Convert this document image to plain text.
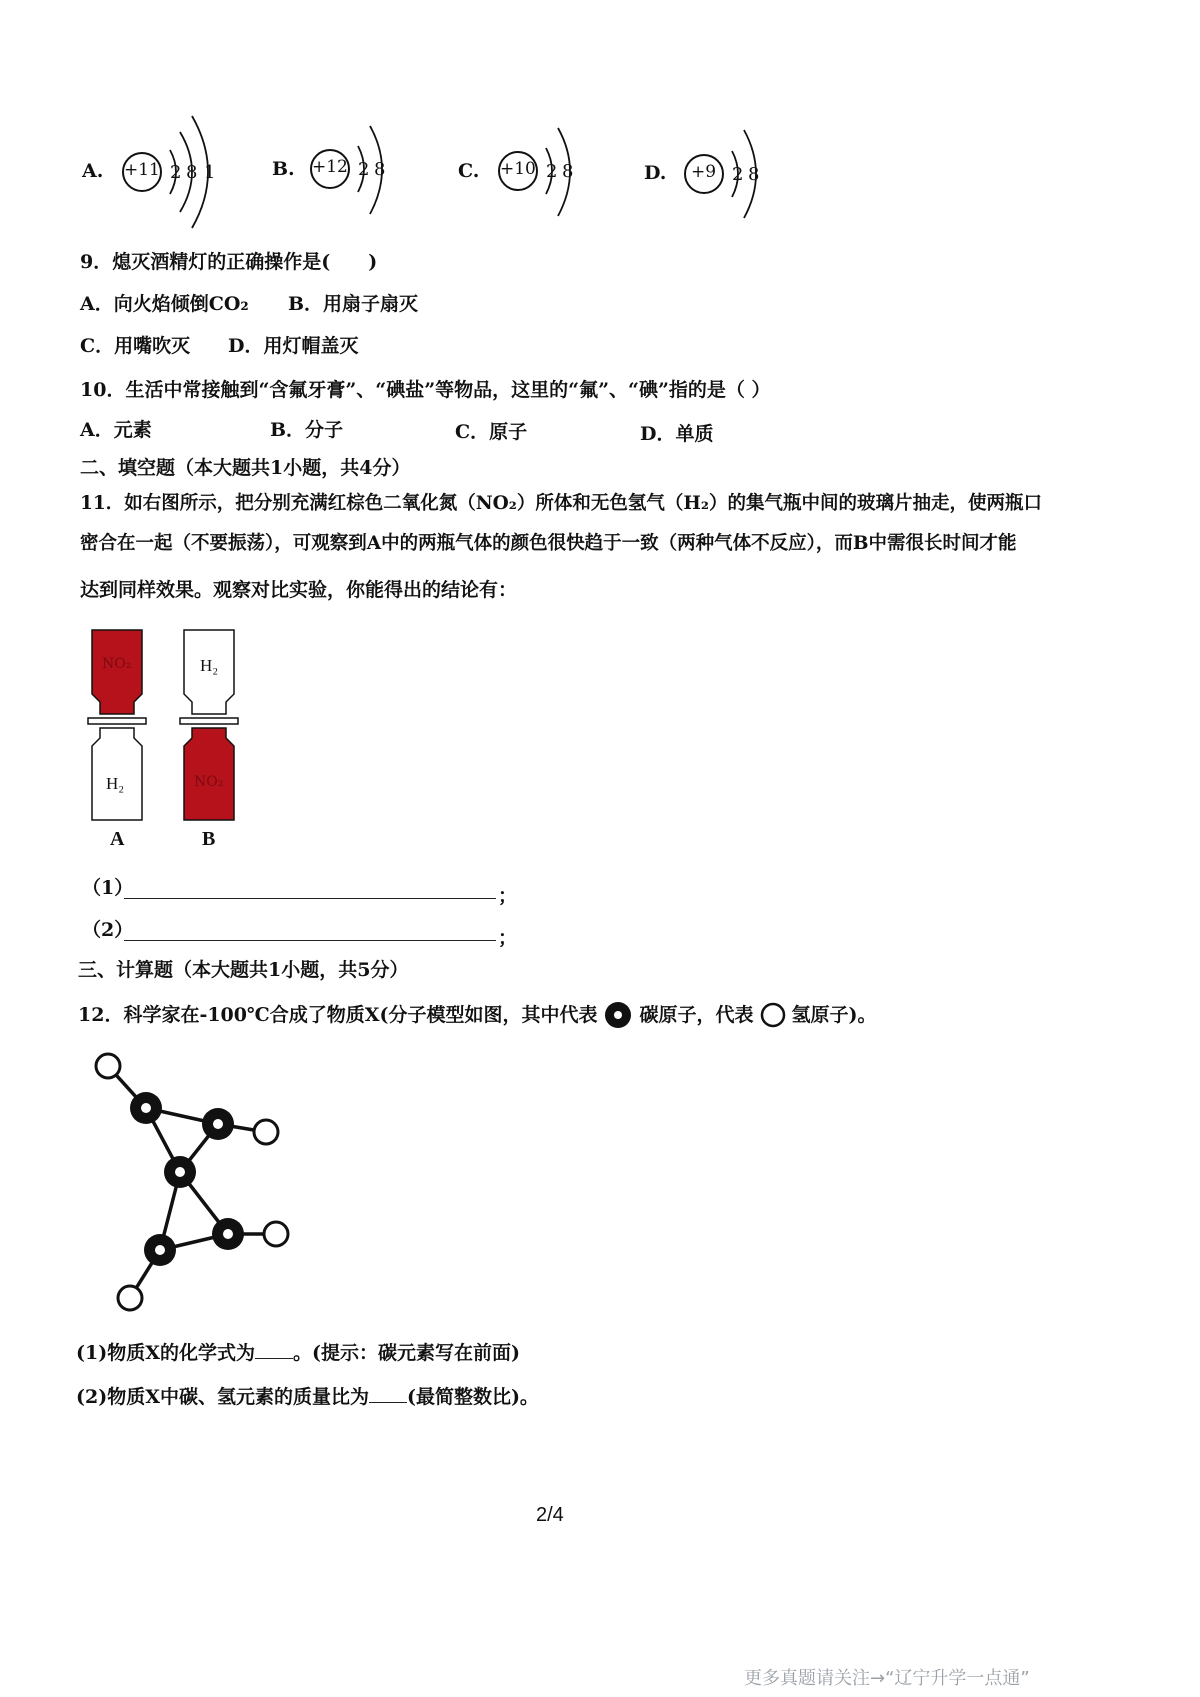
A. +11 2 8 1	B. +12 2 8	C. +10 2 8	D. +9 2 8
9．熄灭酒精灯的正确操作是(　　)
A．向火焰倾倒CO₂ B．用扇子扇灭
C．用嘴吹灭 D．用灯帽盖灭
10．生活中常接触到“含氟牙膏”、“碘盐”等物品，这里的“氟”、“碘”指的是（ ）
A．元素	B．分子	C．原子	D．单质
二、填空题（本大题共1小题，共4分）
11．如右图所示，把分别充满红棕色二氧化氮（NO₂）所体和无色氢气（H₂）的集气瓶中间的玻璃片抽走，使两瓶口
密合在一起（不要振荡），可观察到A中的两瓶气体的颜色很快趋于一致（两种气体不反应），而B中需很长时间才能
达到同样效果。观察对比实验，你能得出的结论有：
NO₂
H₂
H₂
NO₂
A	B
（1）	；
（2）	；
三、计算题（本大题共1小题，共5分）
12．科学家在-100℃合成了物质X(分子模型如图，其中代表 碳原子，代表 氢原子)。
(1)物质X的化学式为 。(提示：碳元素写在前面)
(2)物质X中碳、氢元素的质量比为 (最简整数比)。
2/4
更多真题请关注→“辽宁升学一点通”
